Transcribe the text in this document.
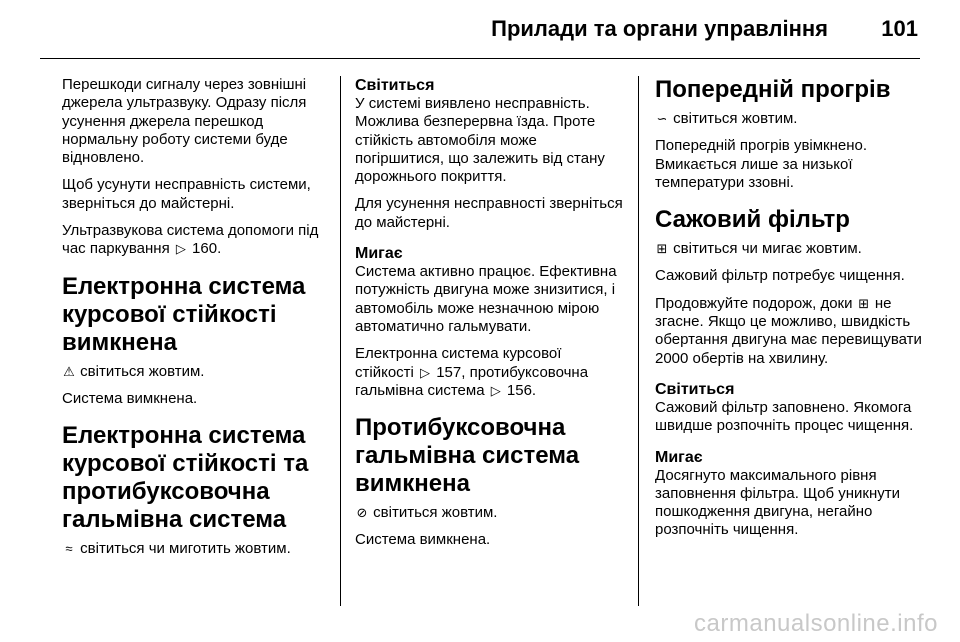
Прилади та органи управління 101

Перешкоди сигналу через зовнішні джерела ультразвуку. Одразу після усунення джерела перешкод нормальну роботу системи буде відновлено.

Щоб усунути несправність системи, зверніться до майстерні.

Ультразвукова система допомоги під час паркування ▷ 160.

Електронна система курсової стійкості вимкнена

⚠ світиться жовтим.

Система вимкнена.

Електронна система курсової стійкості та протибуксовочна гальмівна система

≈ світиться чи миготить жовтим.

Світиться

У системі виявлено несправність. Можлива безперервна їзда. Проте стійкість автомобіля може погіршитися, що залежить від стану дорожнього покриття.

Для усунення несправності зверніться до майстерні.

Мигає

Система активно працює. Ефективна потужність двигуна може знизитися, і автомобіль може незначною мірою автоматично гальмувати.

Електронна система курсової стійкості ▷ 157, протибуксовочна гальмівна система ▷ 156.

Протибуксовочна гальмівна система вимкнена

⊘ світиться жовтим.

Система вимкнена.

Попередній прогрів

∽ світиться жовтим.

Попередній прогрів увімкнено. Вмикається лише за низької температури ззовні.

Сажовий фільтр

⊞ світиться чи мигає жовтим.

Сажовий фільтр потребує чищення.

Продовжуйте подорож, доки ⊞ не згасне. Якщо це можливо, швидкість обертання двигуна має перевищувати 2000 обертів на хвилину.

Світиться

Сажовий фільтр заповнено. Якомога швидше розпочніть процес чищення.

Мигає

Досягнуто максимального рівня заповнення фільтра. Щоб уникнути пошкодження двигуна, негайно розпочніть чищення.

carmanualsonline.info
